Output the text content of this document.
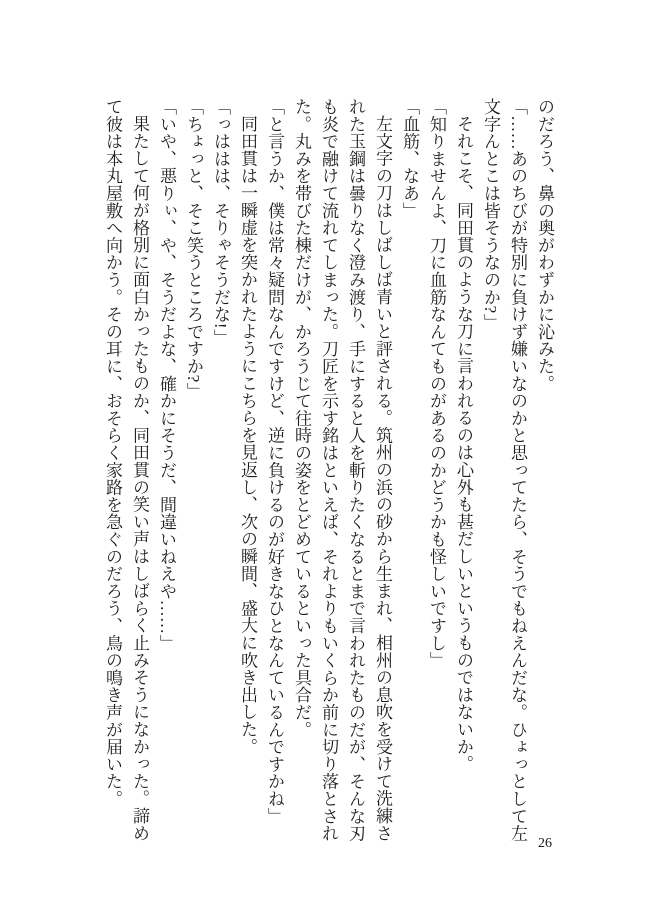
のだろう、鼻の奥がわずかに沁みた。

「……あのちびが特別に負けず嫌いなのかと思ってたら、そうでもねえんだな。ひょっとして左文字んとこは皆そうなのか?」

それこそ、同田貫のような刀に言われるのは心外も甚だしいというものではないか。

「知りませんよ、刀に血筋なんてものがあるのかどうかも怪しいですし」

「血筋、なあ」

左文字の刀はしばしば青いと評される。筑州の浜の砂から生まれ、相州の息吹を受けて洗練された玉鋼は曇りなく澄み渡り、手にすると人を斬りたくなるとまで言われたものだが、そんな刃も炎で融けて流れてしまった。刀匠を示す銘はといえば、それよりもいくらか前に切り落とされた。丸みを帯びた棟だけが、かろうじて往時の姿をとどめているといった具合だ。

「と言うか、僕は常々疑問なんですけど、逆に負けるのが好きなひとなんているんですかね」

同田貫は一瞬虚を突かれたようにこちらを見返し、次の瞬間、盛大に吹き出した。

「っははは、そりゃそうだな!」

「ちょっと、そこ笑うところですか?」

「いや、悪りぃ、や、そうだよな、確かにそうだ、間違いねえや……」

果たして何が格別に面白かったものか、同田貫の笑い声はしばらく止みそうになかった。諦めて彼は本丸屋敷へ向かう。その耳に、おそらく家路を急ぐのだろう、鳥の鳴き声が届いた。

26
